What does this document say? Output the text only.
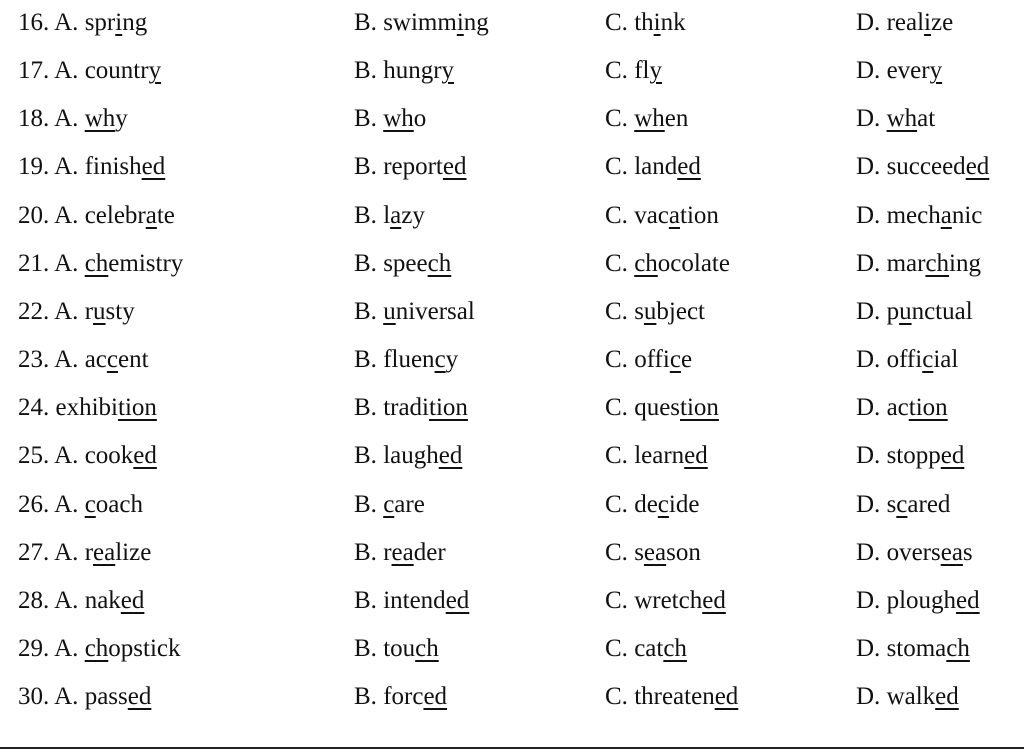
16. A. spring	B. swimming	C. think	D. realize
17. A. country	B. hungry	C. fly	D. every
18. A. why	B. who	C. when	D. what
19. A. finished	B. reported	C. landed	D. succeeded
20. A. celebrate	B. lazy	C. vacation	D. mechanic
21. A. chemistry	B. speech	C. chocolate	D. marching
22. A. rusty	B. universal	C. subject	D. punctual
23. A. accent	B. fluency	C. office	D. official
24. exhibition	B. tradition	C. question	D. action
25. A. cooked	B. laughed	C. learned	D. stopped
26. A. coach	B. care	C. decide	D. scared
27. A. realize	B. reader	C. season	D. overseas
28. A. naked	B. intended	C. wretched	D. ploughed
29. A. chopstick	B. touch	C. catch	D. stomach
30. A. passed	B. forced	C. threatened	D. walked
